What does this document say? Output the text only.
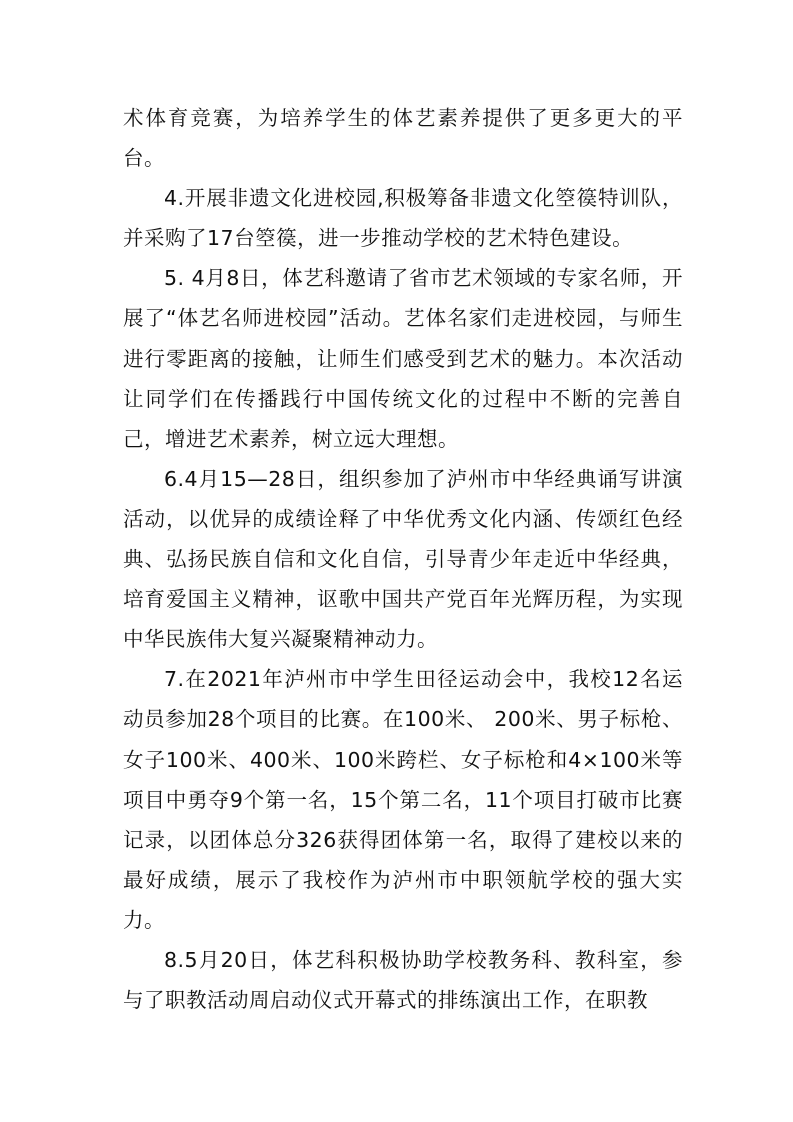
术体育竞赛，为培养学生的体艺素养提供了更多更大的平台。

4.开展非遗文化进校园,积极筹备非遗文化箜篌特训队，并采购了17台箜篌，进一步推动学校的艺术特色建设。

5. 4月8日，体艺科邀请了省市艺术领域的专家名师，开展了“体艺名师进校园”活动。艺体名家们走进校园，与师生进行零距离的接触，让师生们感受到艺术的魅力。本次活动让同学们在传播践行中国传统文化的过程中不断的完善自己，增进艺术素养，树立远大理想。

6.4月15—28日，组织参加了泸州市中华经典诵写讲演活动，以优异的成绩诠释了中华优秀文化内涵、传颂红色经典、弘扬民族自信和文化自信，引导青少年走近中华经典，培育爱国主义精神，讴歌中国共产党百年光辉历程，为实现中华民族伟大复兴凝聚精神动力。

7.在2021年泸州市中学生田径运动会中，我校12名运动员参加28个项目的比赛。在100米、 200米、男子标枪、女子100米、400米、100米跨栏、女子标枪和4×100米等项目中勇夺9个第一名，15个第二名，11个项目打破市比赛记录，以团体总分326获得团体第一名，取得了建校以来的最好成绩，展示了我校作为泸州市中职领航学校的强大实力。

8.5月20日，体艺科积极协助学校教务科、教科室，参与了职教活动周启动仪式开幕式的排练演出工作，在职教
